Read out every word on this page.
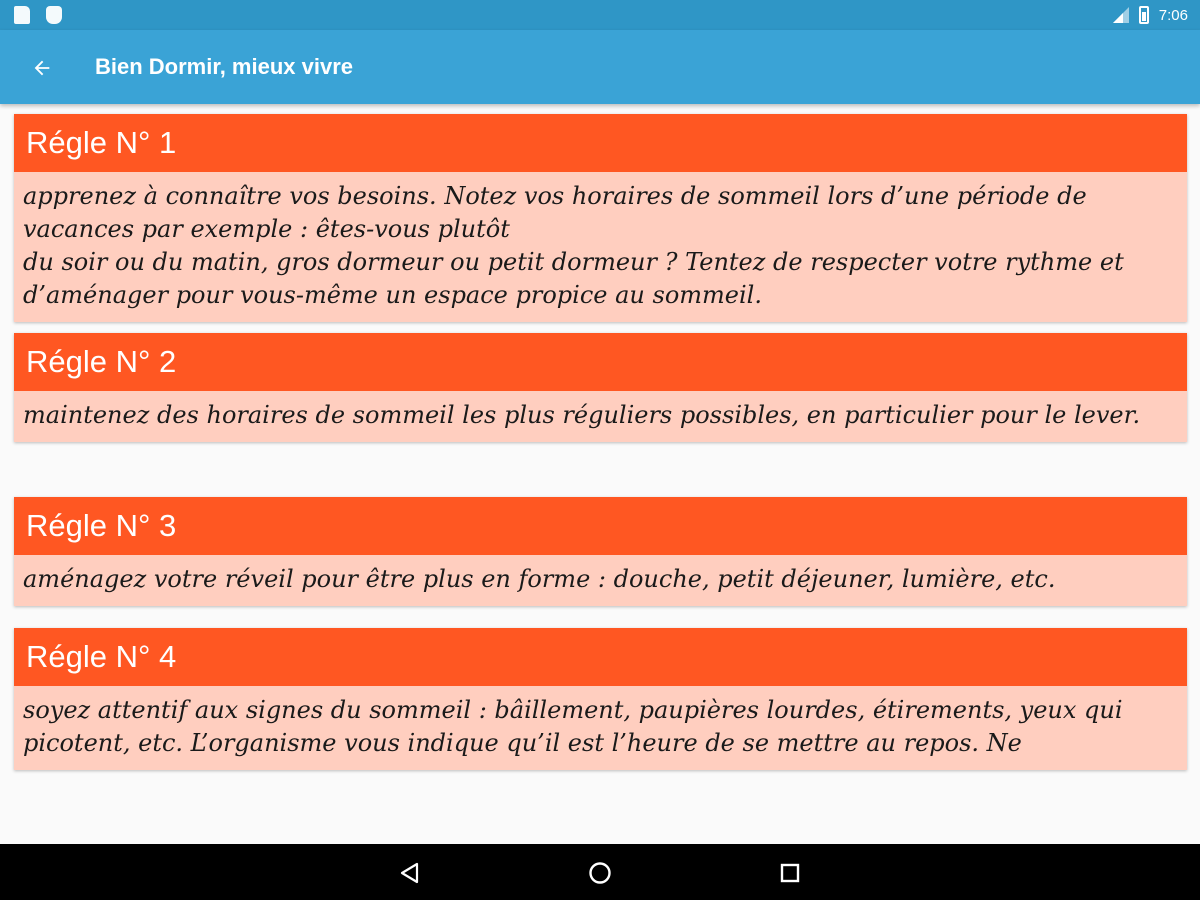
7:06
Bien Dormir, mieux vivre
Régle N° 1
apprenez à connaître vos besoins. Notez vos horaires de sommeil lors d’une période de vacances par exemple : êtes-vous plutôt
du soir ou du matin, gros dormeur ou petit dormeur ? Tentez de respecter votre rythme et d’aménager pour vous-même un espace propice au sommeil.
Régle N° 2
maintenez des horaires de sommeil les plus réguliers possibles, en particulier pour le lever.
Régle N° 3
aménagez votre réveil pour être plus en forme : douche, petit déjeuner, lumière, etc.
Régle N° 4
soyez attentif aux signes du sommeil : bâillement, paupières lourdes, étirements, yeux qui picotent, etc. L’organisme vous indique qu’il est l’heure de se mettre au repos. Ne
